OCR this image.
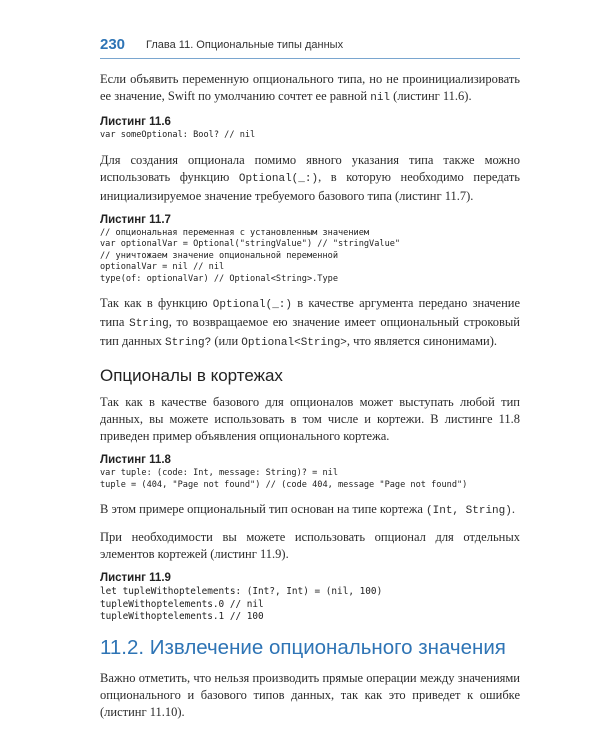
230 Глава 11. Опциональные типы данных

Если объявить переменную опционального типа, но не проинициализировать ее значение, Swift по умолчанию сочтет ее равной nil (листинг 11.6).

Листинг 11.6
var someOptional: Bool? // nil

Для создания опционала помимо явного указания типа также можно использовать функцию Optional(_:), в которую необходимо передать инициализируемое значение требуемого базового типа (листинг 11.7).

Листинг 11.7
// опциональная переменная с установленным значением
var optionalVar = Optional("stringValue") // "stringValue"
// уничтожаем значение опциональной переменной
optionalVar = nil // nil
type(of: optionalVar) // Optional<String>.Type

Так как в функцию Optional(_:) в качестве аргумента передано значение типа String, то возвращаемое ею значение имеет опциональный строковый тип данных String? (или Optional<String>, что является синонимами).

Опционалы в кортежах

Так как в качестве базового для опционалов может выступать любой тип данных, вы можете использовать в том числе и кортежи. В листинге 11.8 приведен пример объявления опционального кортежа.

Листинг 11.8
var tuple: (code: Int, message: String)? = nil
tuple = (404, "Page not found") // (code 404, message "Page not found")

В этом примере опциональный тип основан на типе кортежа (Int, String).

При необходимости вы можете использовать опционал для отдельных элементов кортежей (листинг 11.9).

Листинг 11.9
let tupleWithoptelements: (Int?, Int) = (nil, 100)
tupleWithoptelements.0 // nil
tupleWithoptelements.1 // 100
11.2. Извлечение опционального значения

Важно отметить, что нельзя производить прямые операции между значениями опционального и базового типов данных, так как это приведет к ошибке (листинг 11.10).
